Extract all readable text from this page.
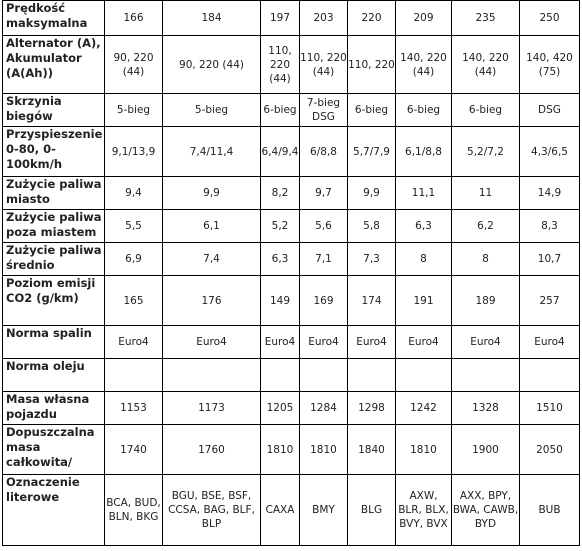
Prędkość maksymalna	166	184	197	203	220	209	235	250
Alternator (A), Akumulator (A(Ah))	90, 220 (44)	90, 220 (44)	110, 220 (44)	110, 220 (44)	110, 220	140, 220 (44)	140, 220 (44)	140, 420 (75)
Skrzynia biegów	5-bieg	5-bieg	6-bieg	7-bieg DSG	6-bieg	6-bieg	6-bieg	DSG
Przyspieszenie 0-80, 0-100km/h	9,1/13,9	7,4/11,4	6,4/9,4	6/8,8	5,7/7,9	6,1/8,8	5,2/7,2	4,3/6,5
Zużycie paliwa miasto	9,4	9,9	8,2	9,7	9,9	11,1	11	14,9
Zużycie paliwa poza miastem	5,5	6,1	5,2	5,6	5,8	6,3	6,2	8,3
Zużycie paliwa średnio	6,9	7,4	6,3	7,1	7,3	8	8	10,7
Poziom emisji CO2 (g/km)	165	176	149	169	174	191	189	257
Norma spalin	Euro4	Euro4	Euro4	Euro4	Euro4	Euro4	Euro4	Euro4
Norma oleju								
Masa własna pojazdu	1153	1173	1205	1284	1298	1242	1328	1510
Dopuszczalna masa całkowita/	1740	1760	1810	1810	1840	1810	1900	2050
Oznaczenie literowe	BCA, BUD, BLN, BKG	BGU, BSE, BSF, CCSA, BAG, BLF, BLP	CAXA	BMY	BLG	AXW, BLR, BLX, BVY, BVX	AXX, BPY, BWA, CAWB, BYD	BUB
